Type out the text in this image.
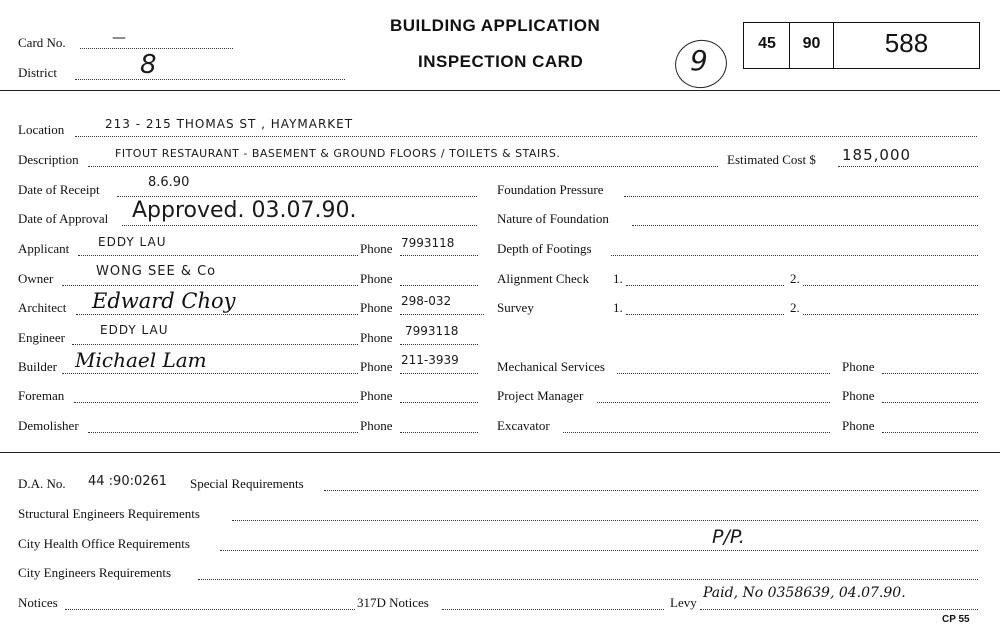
Card No.	—
District	8
BUILDING APPLICATION
INSPECTION CARD	9
45	90	588
Location	213 - 215 THOMAS ST , HAYMARKET
Description	FITOUT RESTAURANT - BASEMENT & GROUND FLOORS / TOILETS & STAIRS.	Estimated Cost $ 185,000
Date of Receipt	8.6.90
Date of Approval Approved. 03.07.90.
Applicant EDDY LAU	Phone 7993118
Owner	WONG SEE & Co	Phone
Architect Edward Choy	Phone 298-032
Engineer	EDDY LAU	Phone 7993118
Builder Michael Lam	Phone 211-3939
Foreman	Phone
Demolisher	Phone
Foundation Pressure
Nature of Foundation
Depth of Footings
Alignment Check 1.	2.
Survey	1.	2.
Mechanical Services	Phone
Project Manager	Phone
Excavator	Phone
D.A. No. 44 :90:0261 Special Requirements
Structural Engineers Requirements
City Health Office Requirements	P/P.
City Engineers Requirements
Notices	317D Notices	Levy
Paid, No 0358639, 04.07.90.
CP 55
